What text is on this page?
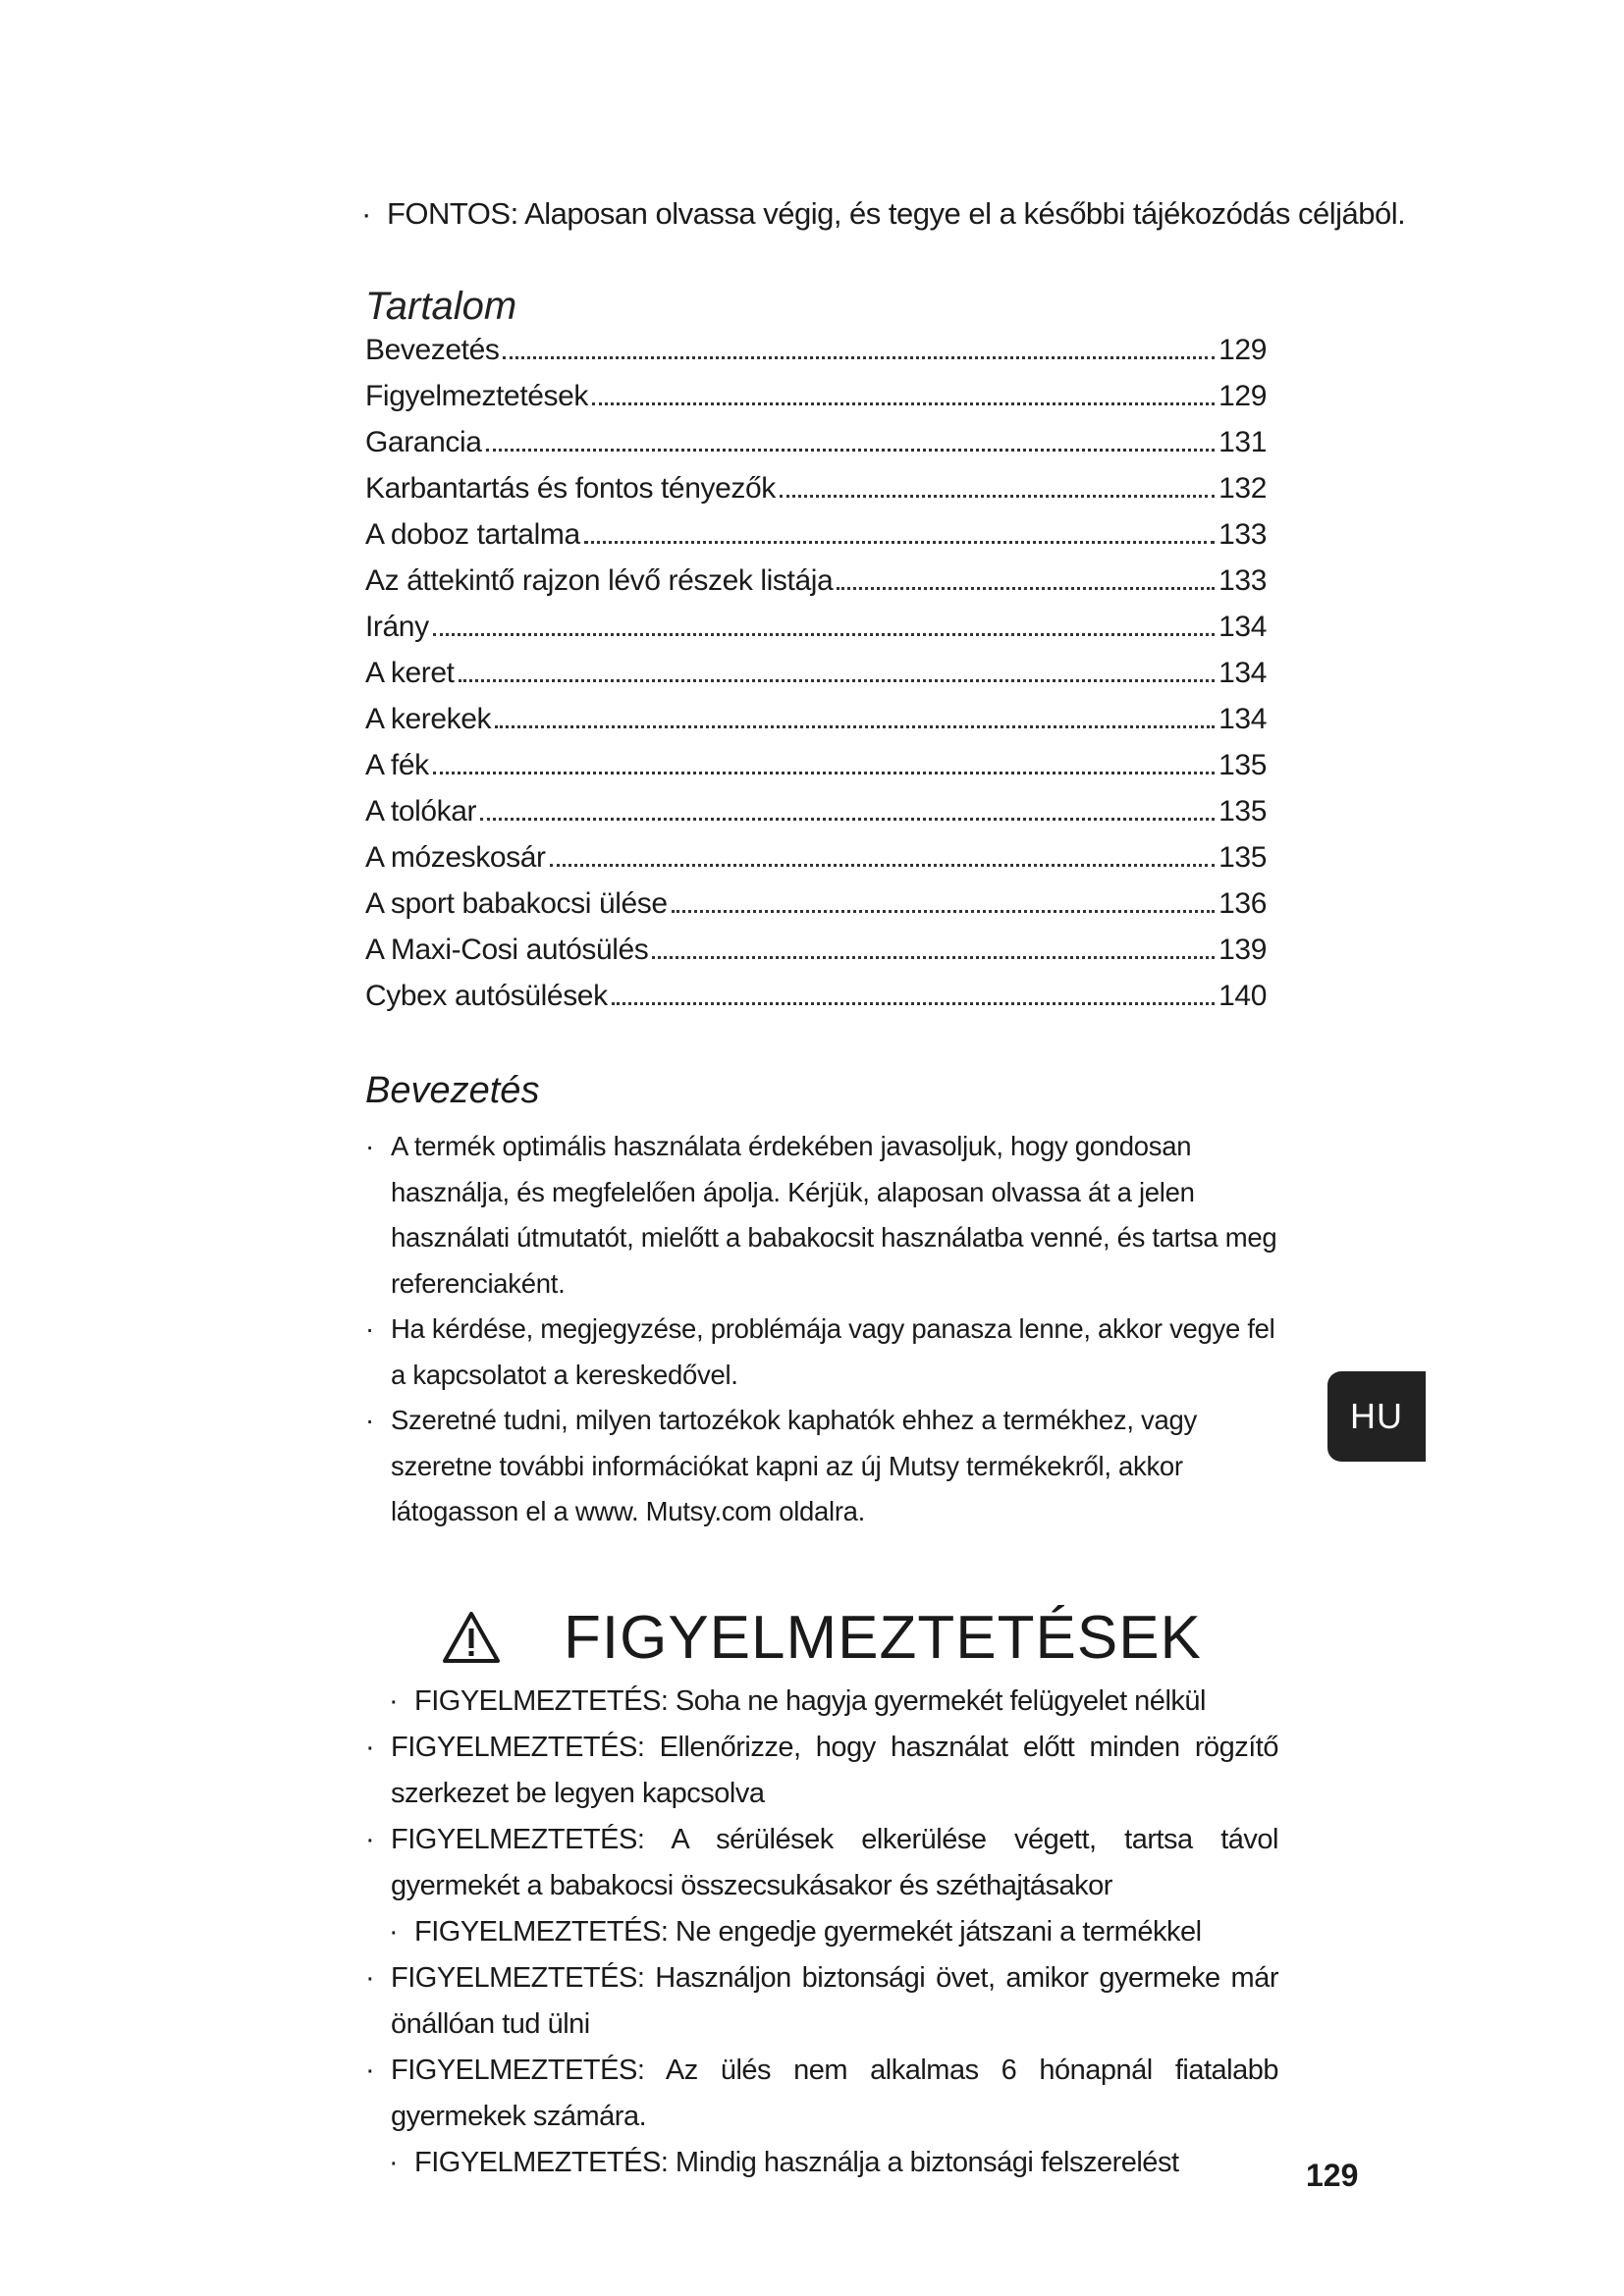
· FONTOS: Alaposan olvassa végig, és tegye el a későbbi tájékozódás céljából.
Tartalom
Bevezetés	129
Figyelmeztetések	129
Garancia	131
Karbantartás és fontos tényezők	132
A doboz tartalma	133
Az áttekintő rajzon lévő részek listája	133
Irány	134
A keret	134
A kerekek	134
A fék	135
A tolókar	135
A mózeskosár	135
A sport babakocsi ülése	136
A Maxi-Cosi autósülés	139
Cybex autósülések	140
Bevezetés
· A termék optimális használata érdekében javasoljuk, hogy gondosan használja, és megfelelően ápolja. Kérjük, alaposan olvassa át a jelen használati útmutatót, mielőtt a babakocsit használatba venné, és tartsa meg referenciaként.
· Ha kérdése, megjegyzése, problémája vagy panasza lenne, akkor vegye fel a kapcsolatot a kereskedővel.
· Szeretné tudni, milyen tartozékok kaphatók ehhez a termékhez, vagy szeretne további információkat kapni az új Mutsy termékekről, akkor látogasson el a www. Mutsy.com oldalra.
HU
FIGYELMEZTETÉSEK
· FIGYELMEZTETÉS: Soha ne hagyja gyermekét felügyelet nélkül
· FIGYELMEZTETÉS: Ellenőrizze, hogy használat előtt minden rögzítő szerkezet be legyen kapcsolva
· FIGYELMEZTETÉS: A sérülések elkerülése végett, tartsa távol gyermekét a babakocsi összecsukásakor és széthajtásakor
· FIGYELMEZTETÉS: Ne engedje gyermekét játszani a termékkel
· FIGYELMEZTETÉS: Használjon biztonsági övet, amikor gyermeke már önállóan tud ülni
· FIGYELMEZTETÉS: Az ülés nem alkalmas 6 hónapnál fiatalabb gyermekek számára.
· FIGYELMEZTETÉS: Mindig használja a biztonsági felszerelést	129
